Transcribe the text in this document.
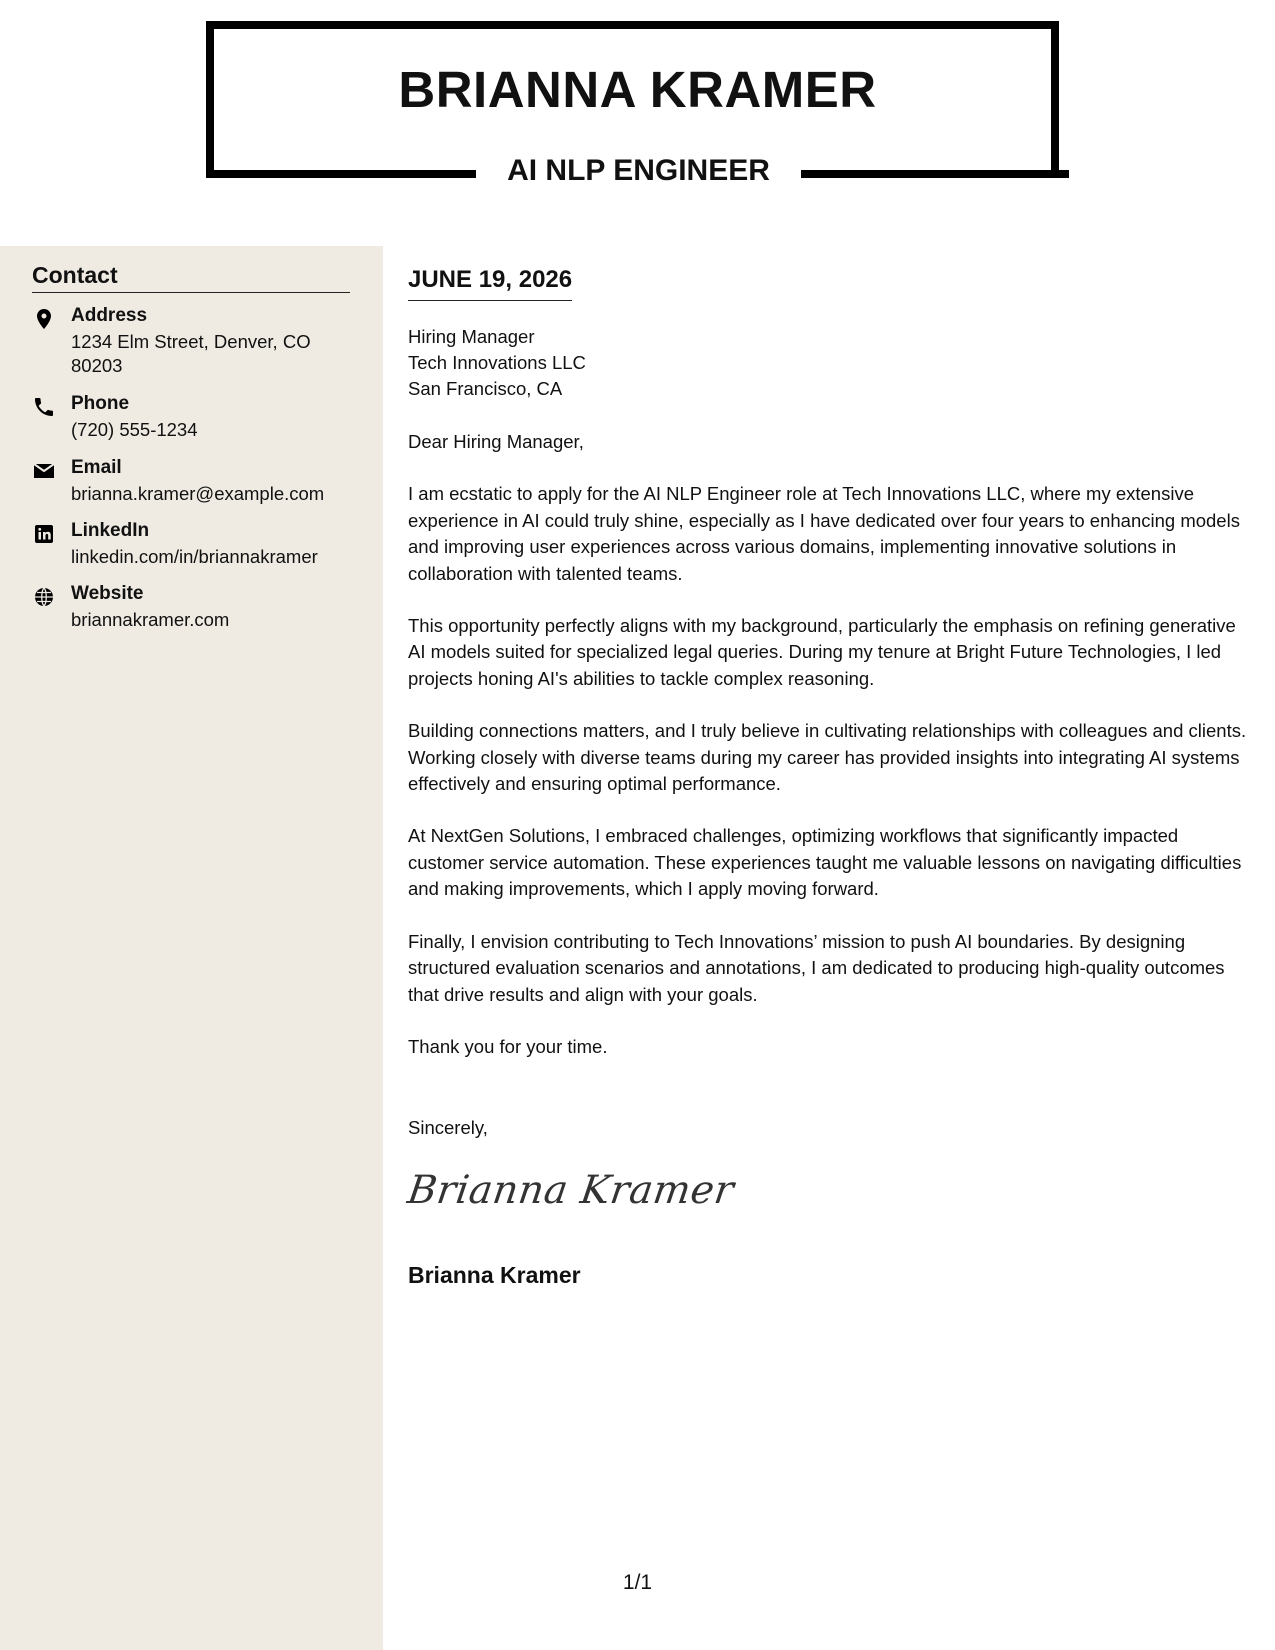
BRIANNA KRAMER
AI NLP ENGINEER
Contact
Address
1234 Elm Street, Denver, CO 80203
Phone
(720) 555-1234
Email
brianna.kramer@example.com
LinkedIn
linkedin.com/in/briannakramer
Website
briannakramer.com
JUNE 19, 2026
Hiring Manager
Tech Innovations LLC
San Francisco, CA

Dear Hiring Manager,

I am ecstatic to apply for the AI NLP Engineer role at Tech Innovations LLC, where my extensive experience in AI could truly shine, especially as I have dedicated over four years to enhancing models and improving user experiences across various domains, implementing innovative solutions in collaboration with talented teams.

This opportunity perfectly aligns with my background, particularly the emphasis on refining generative AI models suited for specialized legal queries. During my tenure at Bright Future Technologies, I led projects honing AI's abilities to tackle complex reasoning.

Building connections matters, and I truly believe in cultivating relationships with colleagues and clients. Working closely with diverse teams during my career has provided insights into integrating AI systems effectively and ensuring optimal performance.

At NextGen Solutions, I embraced challenges, optimizing workflows that significantly impacted customer service automation. These experiences taught me valuable lessons on navigating difficulties and making improvements, which I apply moving forward.

Finally, I envision contributing to Tech Innovations’ mission to push AI boundaries. By designing structured evaluation scenarios and annotations, I am dedicated to producing high-quality outcomes that drive results and align with your goals.

Thank you for your time.

Sincerely,
Brianna Kramer
Brianna Kramer
1/1
